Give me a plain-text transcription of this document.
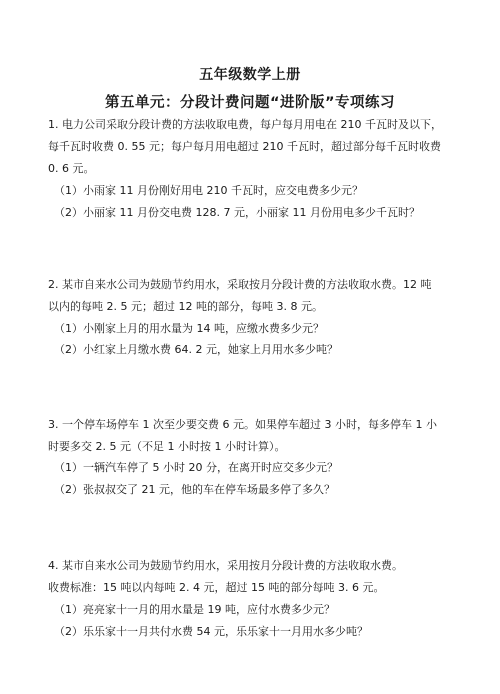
五年级数学上册
第五单元：分段计费问题“进阶版”专项练习
1. 电力公司采取分段计费的方法收取电费，每户每月用电在 210 千瓦时及以下，
每千瓦时收费 0. 55 元；每户每月用电超过 210 千瓦时，超过部分每千瓦时收费
0. 6 元。
（1）小雨家 11 月份刚好用电 210 千瓦时，应交电费多少元？
（2）小丽家 11 月份交电费 128. 7 元，小丽家 11 月份用电多少千瓦时？
2. 某市自来水公司为鼓励节约用水，采取按月分段计费的方法收取水费。12 吨
以内的每吨 2. 5 元；超过 12 吨的部分，每吨 3. 8 元。
（1）小刚家上月的用水量为 14 吨，应缴水费多少元？
（2）小红家上月缴水费 64. 2 元，她家上月用水多少吨？
3. 一个停车场停车 1 次至少要交费 6 元。如果停车超过 3 小时，每多停车 1 小
时要多交 2. 5 元（不足 1 小时按 1 小时计算）。
（1）一辆汽车停了 5 小时 20 分，在离开时应交多少元？
（2）张叔叔交了 21 元，他的车在停车场最多停了多久？
4. 某市自来水公司为鼓励节约用水，采用按月分段计费的方法收取水费。
收费标准：15 吨以内每吨 2. 4 元，超过 15 吨的部分每吨 3. 6 元。
（1）亮亮家十一月的用水量是 19 吨，应付水费多少元？
（2）乐乐家十一月共付水费 54 元，乐乐家十一月用水多少吨？
